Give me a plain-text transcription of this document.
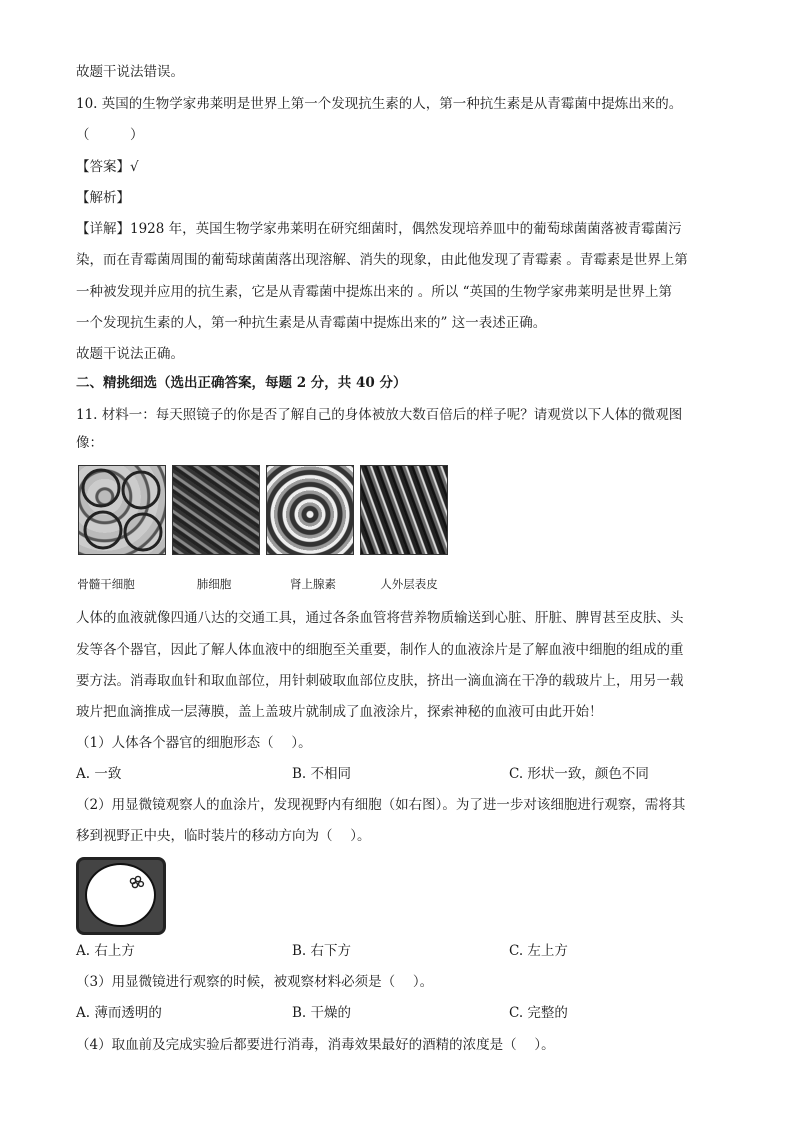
故题干说法错误。
10. 英国的生物学家弗莱明是世界上第一个发现抗生素的人，第一种抗生素是从青霉菌中提炼出来的。
（　　　）
【答案】√
【解析】
【详解】1928 年，英国生物学家弗莱明在研究细菌时，偶然发现培养皿中的葡萄球菌菌落被青霉菌污
染，而在青霉菌周围的葡萄球菌菌落出现溶解、消失的现象，由此他发现了青霉素 。青霉素是世界上第
一种被发现并应用的抗生素，它是从青霉菌中提炼出来的 。所以 “英国的生物学家弗莱明是世界上第
一个发现抗生素的人，第一种抗生素是从青霉菌中提炼出来的” 这一表述正确。
故题干说法正确。
二、精挑细选（选出正确答案，每题 2 分，共 40 分）
11. 材料一：每天照镜子的你是否了解自己的身体被放大数百倍后的样子呢？请观赏以下人体的微观图
像：
骨髓干细胞	肺细胞	肾上腺素	人外层表皮
人体的血液就像四通八达的交通工具，通过各条血管将营养物质输送到心脏、肝脏、脾胃甚至皮肤、头
发等各个器官，因此了解人体血液中的细胞至关重要，制作人的血液涂片是了解血液中细胞的组成的重
要方法。消毒取血针和取血部位，用针刺破取血部位皮肤，挤出一滴血滴在干净的载玻片上，用另一载
玻片把血滴推成一层薄膜，盖上盖玻片就制成了血液涂片，探索神秘的血液可由此开始！
（1）人体各个器官的细胞形态（　 ）。
A. 一致	B. 不相同	C. 形状一致，颜色不同
（2）用显微镜观察人的血涂片，发现视野内有细胞（如右图）。为了进一步对该细胞进行观察，需将其
移到视野正中央，临时装片的移动方向为（　 ）。
A. 右上方	B. 右下方	C. 左上方
（3）用显微镜进行观察的时候，被观察材料必须是（　 ）。
A. 薄而透明的	B. 干燥的	C. 完整的
（4）取血前及完成实验后都要进行消毒，消毒效果最好的酒精的浓度是（　 ）。
